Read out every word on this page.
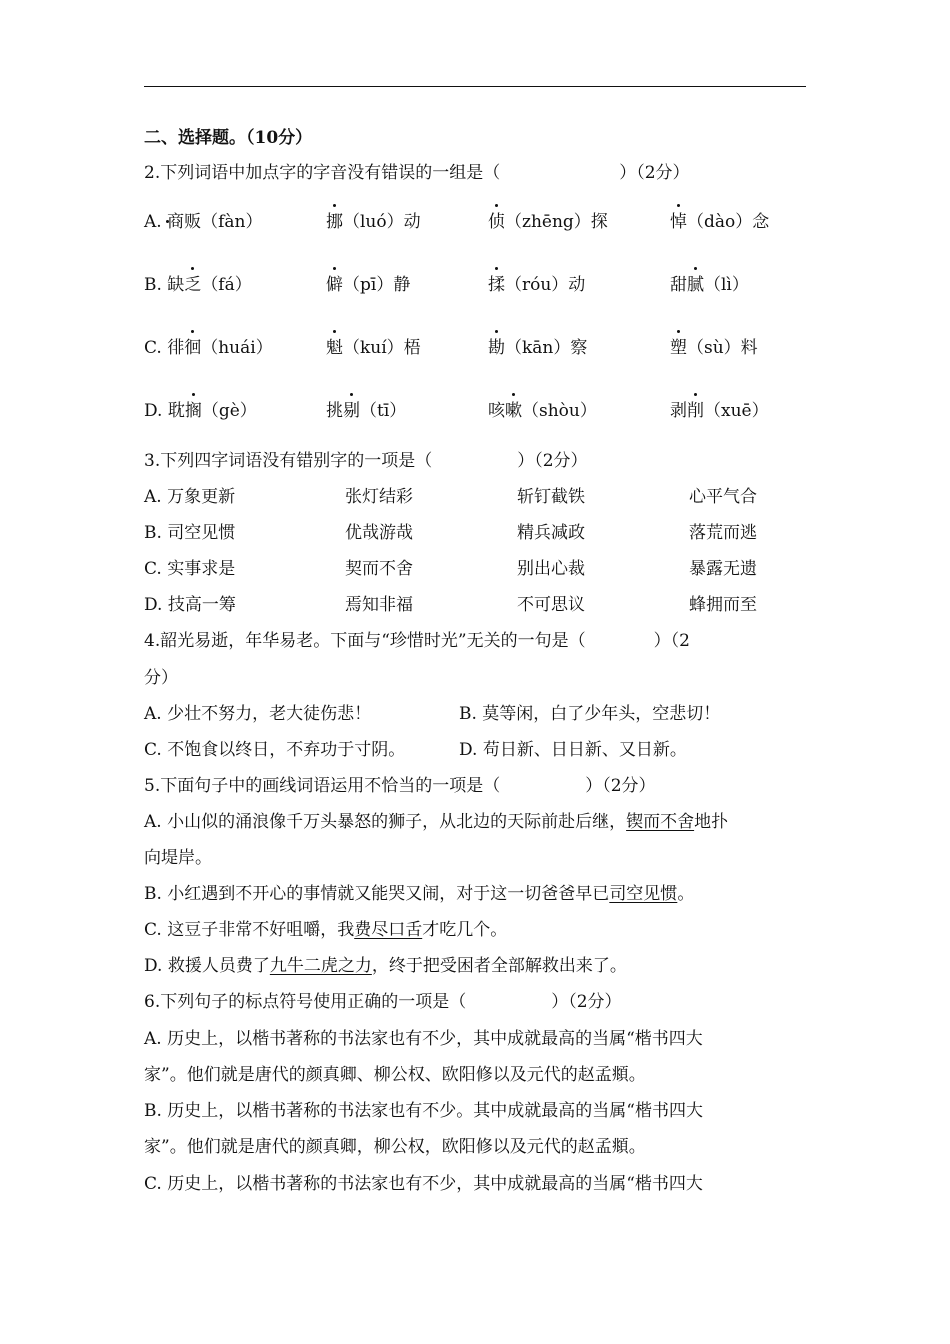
二、选择题。（10分）
2.下列词语中加点字的字音没有错误的一组是（　　　　　　　）（2分）
A. 商贩（fàn）	挪（luó）动	侦（zhēng）探	悼（dào）念
B. 缺乏（fá）	僻（pī）静	揉（róu）动	甜腻（lì）
C. 徘徊（huái）	魁（kuí）梧	勘（kān）察	塑（sù）料
D. 耽搁（gè）	挑剔（tī）	咳嗽（shòu）	剥削（xuē）
3.下列四字词语没有错别字的一项是（　　　　　）（2分）
A. 万象更新	张灯结彩	斩钉截铁	心平气合
B. 司空见惯	优哉游哉	精兵减政	落荒而逃
C. 实事求是	契而不舍	别出心裁	暴露无遗
D. 技高一筹	焉知非福	不可思议	蜂拥而至
4.韶光易逝，年华易老。下面与“珍惜时光”无关的一句是（　　　　）（2
分）
A. 少壮不努力，老大徒伤悲！	B. 莫等闲，白了少年头，空悲切！
C. 不饱食以终日，不弃功于寸阴。	D. 苟日新、日日新、又日新。
5.下面句子中的画线词语运用不恰当的一项是（　　　　　）（2分）
A. 小山似的涌浪像千万头暴怒的狮子，从北边的天际前赴后继，锲而不舍地扑
向堤岸。
B. 小红遇到不开心的事情就又能哭又闹，对于这一切爸爸早已司空见惯。
C. 这豆子非常不好咀嚼，我费尽口舌才吃几个。
D. 救援人员费了九牛二虎之力，终于把受困者全部解救出来了。
6.下列句子的标点符号使用正确的一项是（　　　　　）（2分）
A. 历史上，以楷书著称的书法家也有不少，其中成就最高的当属“楷书四大
家”。他们就是唐代的颜真卿、柳公权、欧阳修以及元代的赵孟頫。
B. 历史上，以楷书著称的书法家也有不少。其中成就最高的当属“楷书四大
家”。他们就是唐代的颜真卿，柳公权，欧阳修以及元代的赵孟頫。
C. 历史上，以楷书著称的书法家也有不少，其中成就最高的当属“楷书四大
